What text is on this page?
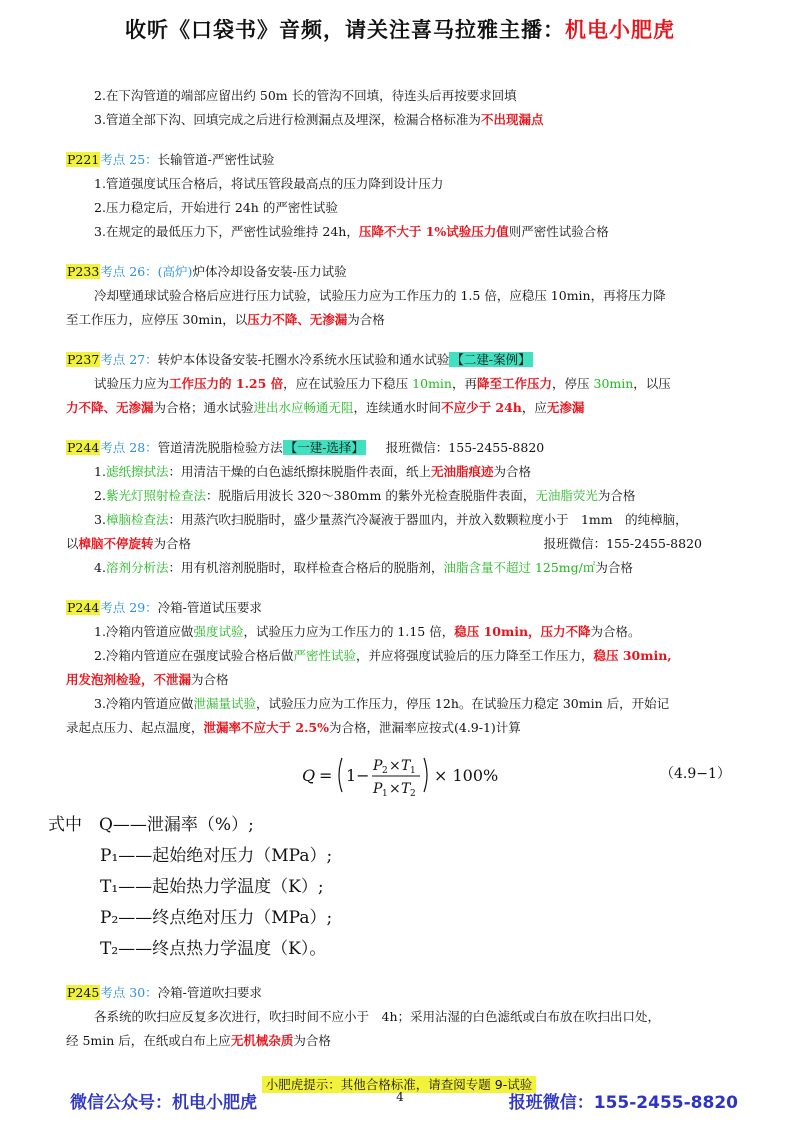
收听《口袋书》音频，请关注喜马拉雅主播：机电小肥虎
2.在下沟管道的端部应留出约 50m 长的管沟不回填，待连头后再按要求回填
3.管道全部下沟、回填完成之后进行检测漏点及埋深，检漏合格标准为不出现漏点
P221考点 25：长输管道-严密性试验
1.管道强度试压合格后，将试压管段最高点的压力降到设计压力
2.压力稳定后，开始进行 24h 的严密性试验
3.在规定的最低压力下，严密性试验维持 24h，压降不大于 1%试验压力值则严密性试验合格
P233考点 26：(高炉)炉体冷却设备安装-压力试验
冷却壁通球试验合格后应进行压力试验，试验压力应为工作压力的 1.5 倍，应稳压 10min，再将压力降
至工作压力，应停压 30min，以压力不降、无渗漏为合格
P237考点 27：转炉本体设备安装-托圈水冷系统水压试验和通水试验 【二建-案例】
试验压力应为工作压力的 1.25 倍，应在试验压力下稳压 10min，再降至工作压力，停压 30min，以压
力不降、无渗漏为合格；通水试验进出水应畅通无阻，连续通水时间不应少于 24h，应无渗漏
P244考点 28：管道清洗脱脂检验方法 【一建-选择】 报班微信：155-2455-8820
1.滤纸擦拭法：用清洁干燥的白色滤纸擦抹脱脂件表面，纸上无油脂痕迹为合格
2.紫光灯照射检查法：脱脂后用波长 320～380mm 的紫外光检查脱脂件表面，无油脂荧光为合格
3.樟脑检查法：用蒸汽吹扫脱脂时，盛少量蒸汽冷凝液于器皿内，并放入数颗粒度小于　1mm　的纯樟脑，
以樟脑不停旋转为合格	报班微信：155-2455-8820
4.溶剂分析法：用有机溶剂脱脂时，取样检查合格后的脱脂剂，油脂含量不超过 125mg/㎡为合格
P244考点 29：冷箱-管道试压要求
1.冷箱内管道应做强度试验，试验压力应为工作压力的 1.15 倍，稳压 10min，压力不降为合格。
2.冷箱内管道应在强度试验合格后做严密性试验，并应将强度试验后的压力降至工作压力，稳压 30min,
用发泡剂检验，不泄漏为合格
3.冷箱内管道应做泄漏量试验，试验压力应为工作压力，停压 12h。在试验压力稳定 30min 后，开始记
录起点压力、起点温度，泄漏率不应大于 2.5%为合格，泄漏率应按式(4.9-1)计算
Q = 1− P 2 × T 1
P 1 × T 2
× 100%	（4.9−1）
式中　Q——泄漏率（%）;
P₁——起始绝对压力（MPa）;
T₁——起始热力学温度（K）;
P₂——终点绝对压力（MPa）;
T₂——终点热力学温度（K）。
P245考点 30：冷箱-管道吹扫要求
各系统的吹扫应反复多次进行，吹扫时间不应小于　4h；采用沾湿的白色滤纸或白布放在吹扫出口处，
经 5min 后，在纸或白布上应无机械杂质为合格
小肥虎提示：其他合格标准，请查阅专题 9-试验
微信公众号：机电小肥虎	4	报班微信：155-2455-8820
